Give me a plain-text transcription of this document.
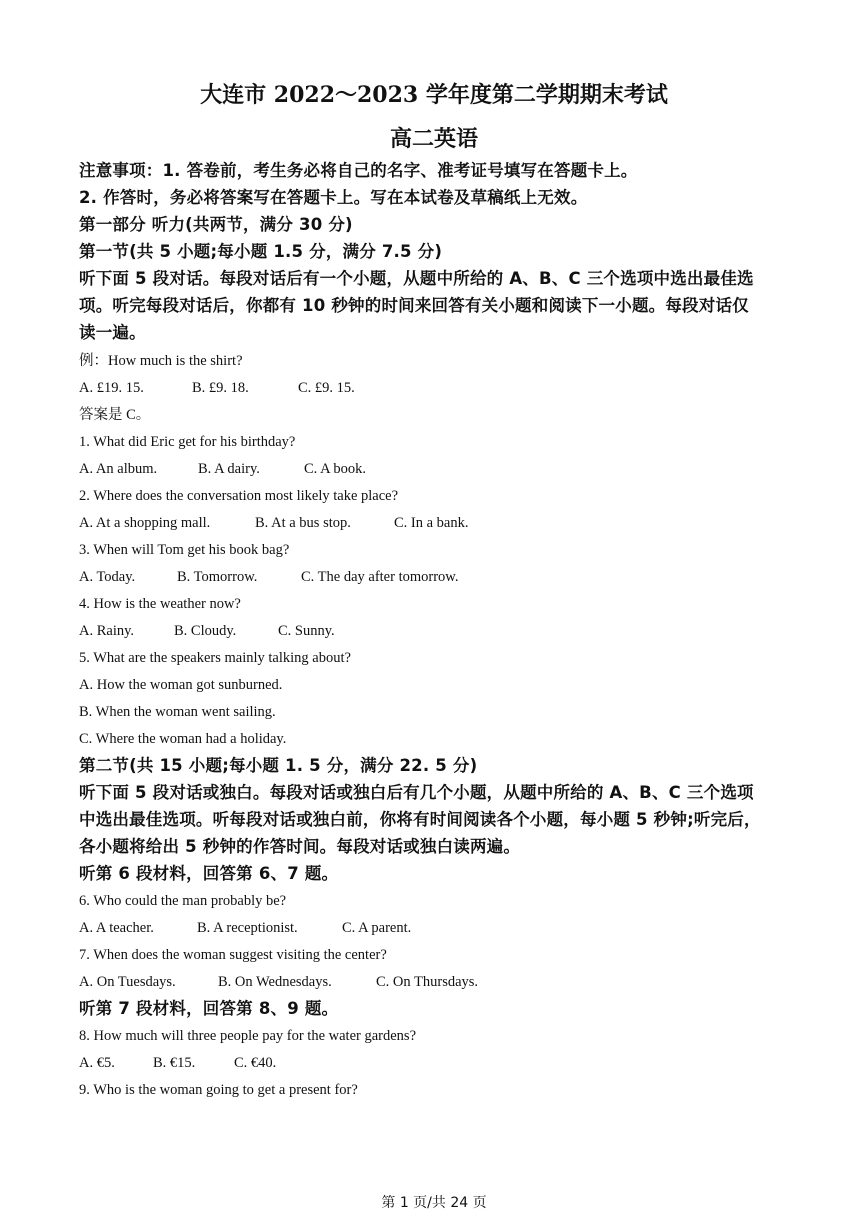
大连市 2022～2023 学年度第二学期期末考试
高二英语
注意事项：1. 答卷前，考生务必将自己的名字、准考证号填写在答题卡上。
2. 作答时，务必将答案写在答题卡上。写在本试卷及草稿纸上无效。
第一部分 听力(共两节，满分 30 分)
第一节(共 5 小题;每小题 1.5 分，满分 7.5 分)
听下面 5 段对话。每段对话后有一个小题，从题中所给的 A、B、C 三个选项中选出最佳选
项。听完每段对话后，你都有 10 秒钟的时间来回答有关小题和阅读下一小题。每段对话仅
读一遍。
例：How much is the shirt?
A. £19. 15.	B. £9. 18.	C. £9. 15.
答案是 C。
1. What did Eric get for his birthday?
A. An album.	B. A dairy.	C. A book.
2. Where does the conversation most likely take place?
A. At a shopping mall.	B. At a bus stop.	C. In a bank.
3. When will Tom get his book bag?
A. Today.	B. Tomorrow.	C. The day after tomorrow.
4. How is the weather now?
A. Rainy.	B. Cloudy.	C. Sunny.
5. What are the speakers mainly talking about?
A. How the woman got sunburned.
B. When the woman went sailing.
C. Where the woman had a holiday.
第二节(共 15 小题;每小题 1. 5 分，满分 22. 5 分)
听下面 5 段对话或独白。每段对话或独白后有几个小题，从题中所给的 A、B、C 三个选项
中选出最佳选项。听每段对话或独白前，你将有时间阅读各个小题，每小题 5 秒钟;听完后，
各小题将给出 5 秒钟的作答时间。每段对话或独白读两遍。
听第 6 段材料，回答第 6、7 题。
6. Who could the man probably be?
A. A teacher.	B. A receptionist.	C. A parent.
7. When does the woman suggest visiting the center?
A. On Tuesdays.	B. On Wednesdays.	C. On Thursdays.
听第 7 段材料，回答第 8、9 题。
8. How much will three people pay for the water gardens?
A. €5.	B. €15.	C. €40.
9. Who is the woman going to get a present for?
第 1 页/共 24 页
